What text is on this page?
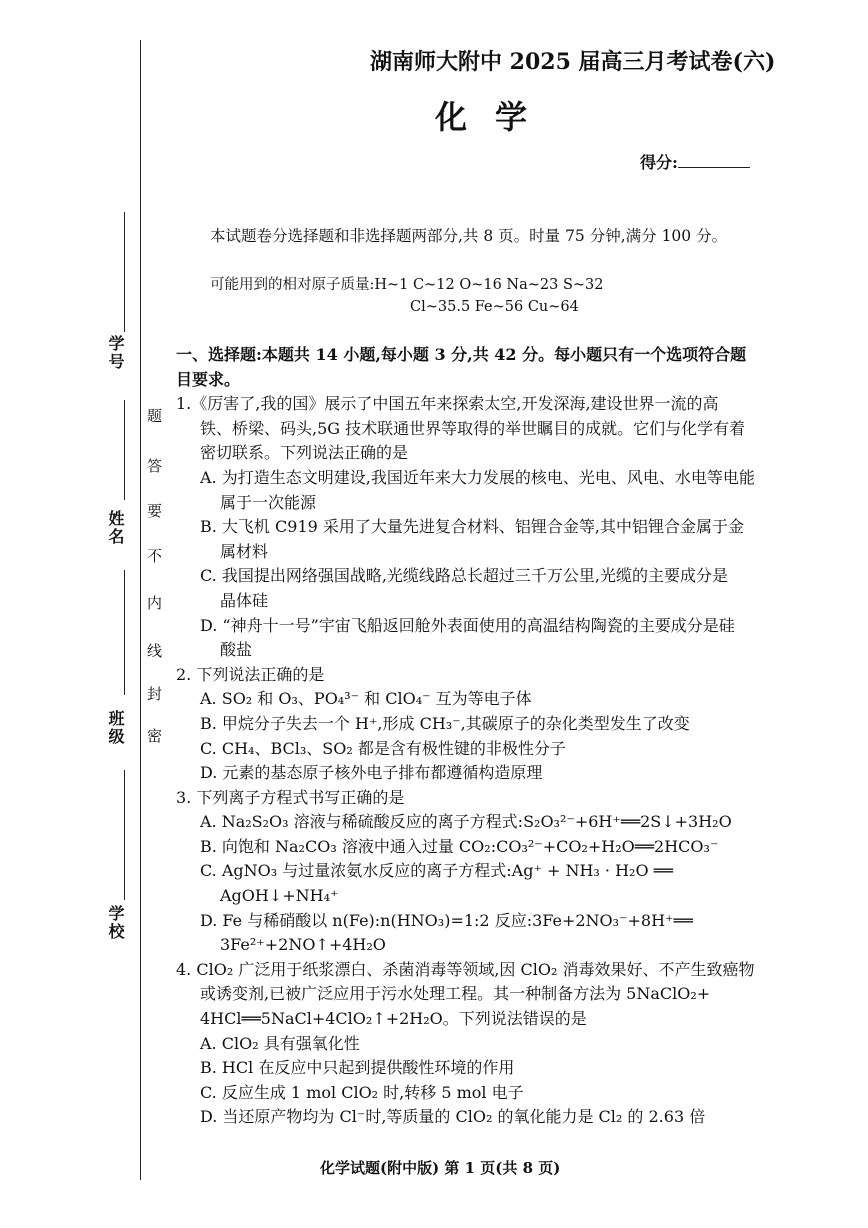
学号
姓名
班级
学校
题
答
要
不
内
线
封
密
湖南师大附中 2025 届高三月考试卷(六)
化学
得分:
本试题卷分选择题和非选择题两部分,共 8 页。时量 75 分钟,满分 100 分。
可能用到的相对原子质量:H~1 C~12 O~16 Na~23 S~32
Cl~35.5 Fe~56 Cu~64
一、选择题:本题共 14 小题,每小题 3 分,共 42 分。每小题只有一个选项符合题
目要求。
1.《厉害了,我的国》展示了中国五年来探索太空,开发深海,建设世界一流的高
铁、桥梁、码头,5G 技术联通世界等取得的举世瞩目的成就。它们与化学有着
密切联系。下列说法正确的是
A. 为打造生态文明建设,我国近年来大力发展的核电、光电、风电、水电等电能
属于一次能源
B. 大飞机 C919 采用了大量先进复合材料、铝锂合金等,其中铝锂合金属于金
属材料
C. 我国提出网络强国战略,光缆线路总长超过三千万公里,光缆的主要成分是
晶体硅
D. “神舟十一号”宇宙飞船返回舱外表面使用的高温结构陶瓷的主要成分是硅
酸盐
2. 下列说法正确的是
A. SO₂ 和 O₃、PO₄³⁻ 和 ClO₄⁻ 互为等电子体
B. 甲烷分子失去一个 H⁺,形成 CH₃⁻,其碳原子的杂化类型发生了改变
C. CH₄、BCl₃、SO₂ 都是含有极性键的非极性分子
D. 元素的基态原子核外电子排布都遵循构造原理
3. 下列离子方程式书写正确的是
A. Na₂S₂O₃ 溶液与稀硫酸反应的离子方程式:S₂O₃²⁻+6H⁺══2S↓+3H₂O
B. 向饱和 Na₂CO₃ 溶液中通入过量 CO₂:CO₃²⁻+CO₂+H₂O══2HCO₃⁻
C. AgNO₃ 与过量浓氨水反应的离子方程式:Ag⁺ + NH₃ · H₂O ══
AgOH↓+NH₄⁺
D. Fe 与稀硝酸以 n(Fe):n(HNO₃)=1:2 反应:3Fe+2NO₃⁻+8H⁺══
3Fe²⁺+2NO↑+4H₂O
4. ClO₂ 广泛用于纸浆漂白、杀菌消毒等领域,因 ClO₂ 消毒效果好、不产生致癌物
或诱变剂,已被广泛应用于污水处理工程。其一种制备方法为 5NaClO₂+
4HCl══5NaCl+4ClO₂↑+2H₂O。下列说法错误的是
A. ClO₂ 具有强氧化性
B. HCl 在反应中只起到提供酸性环境的作用
C. 反应生成 1 mol ClO₂ 时,转移 5 mol 电子
D. 当还原产物均为 Cl⁻时,等质量的 ClO₂ 的氧化能力是 Cl₂ 的 2.63 倍
化学试题(附中版) 第 1 页(共 8 页)
